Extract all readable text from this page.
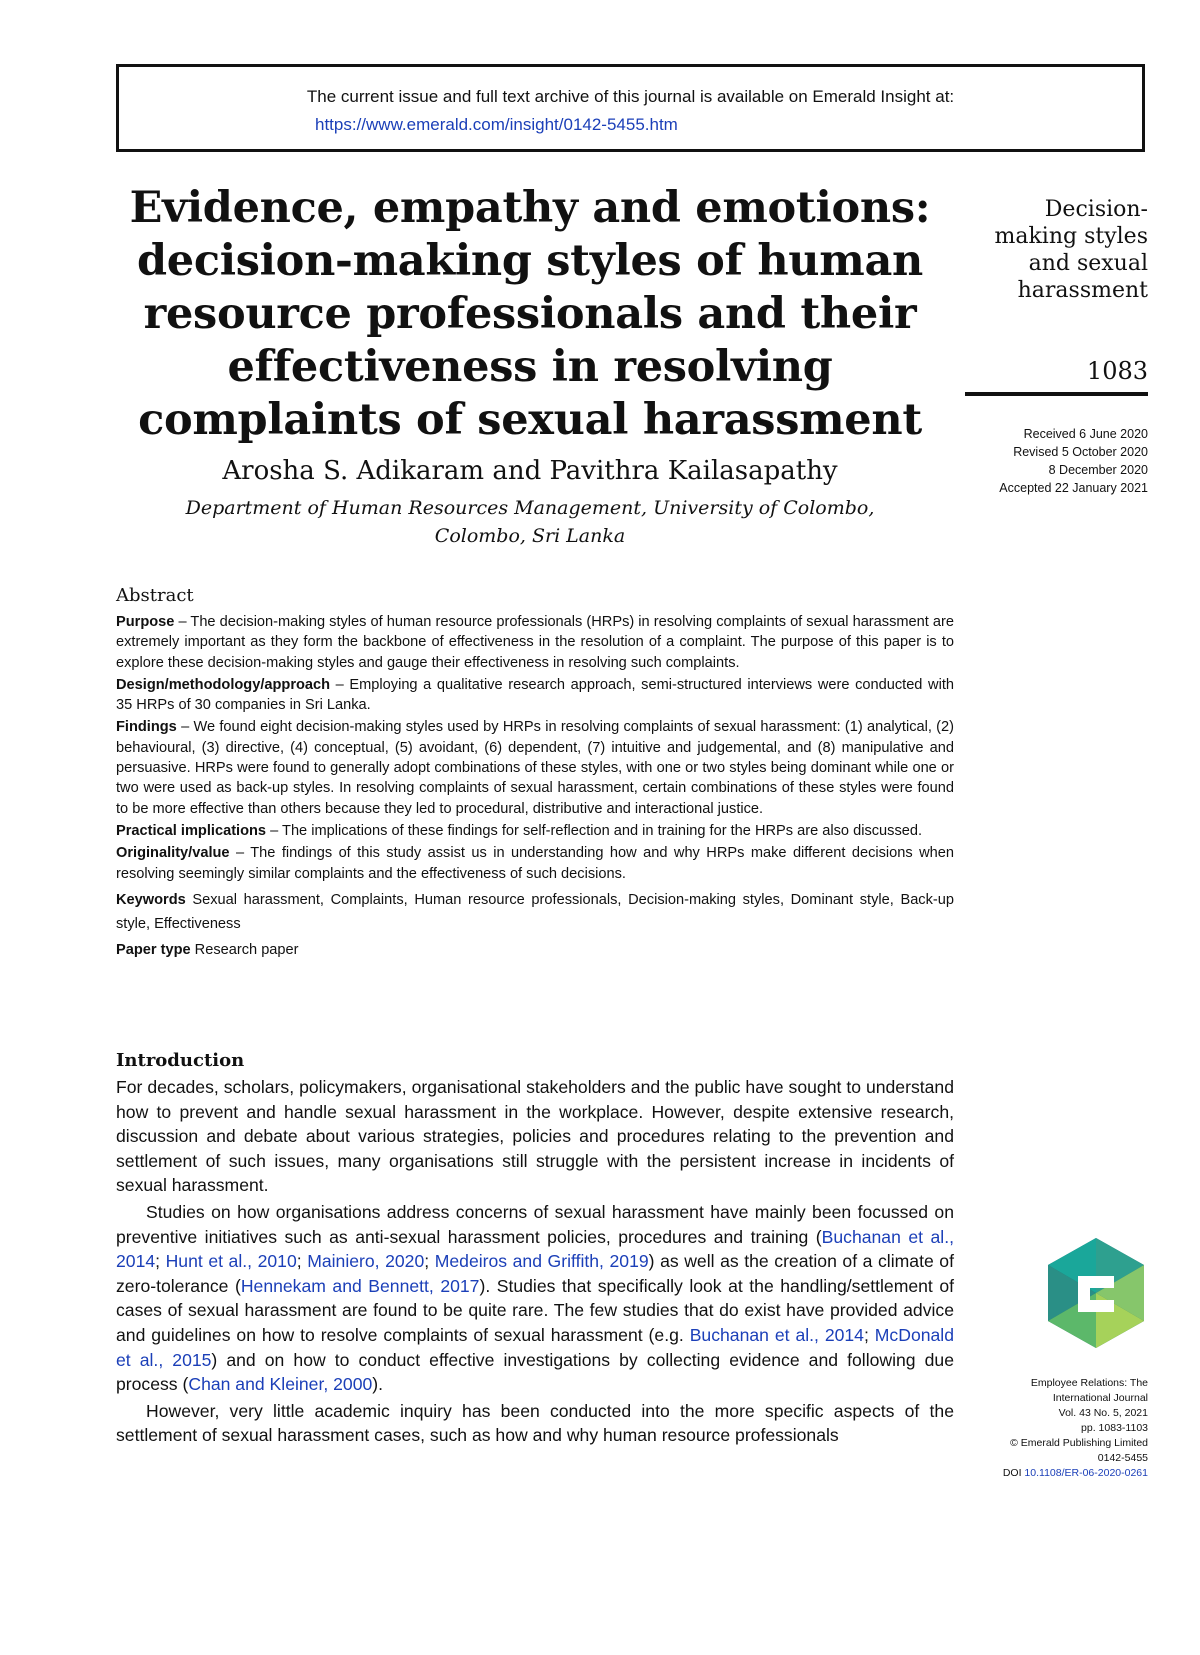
The current issue and full text archive of this journal is available on Emerald Insight at:
https://www.emerald.com/insight/0142-5455.htm
Evidence, empathy and emotions:
decision-making styles of human
resource professionals and their
effectiveness in resolving
complaints of sexual harassment
Arosha S. Adikaram and Pavithra Kailasapathy
Department of Human Resources Management, University of Colombo,
Colombo, Sri Lanka
Decision-
making styles
and sexual
harassment
1083
Received 6 June 2020
Revised 5 October 2020
8 December 2020
Accepted 22 January 2021
Abstract

Purpose – The decision-making styles of human resource professionals (HRPs) in resolving complaints of sexual harassment are extremely important as they form the backbone of effectiveness in the resolution of a complaint. The purpose of this paper is to explore these decision-making styles and gauge their effectiveness in resolving such complaints.

Design/methodology/approach – Employing a qualitative research approach, semi-structured interviews were conducted with 35 HRPs of 30 companies in Sri Lanka.

Findings – We found eight decision-making styles used by HRPs in resolving complaints of sexual harassment: (1) analytical, (2) behavioural, (3) directive, (4) conceptual, (5) avoidant, (6) dependent, (7) intuitive and judgemental, and (8) manipulative and persuasive. HRPs were found to generally adopt combinations of these styles, with one or two styles being dominant while one or two were used as back-up styles. In resolving complaints of sexual harassment, certain combinations of these styles were found to be more effective than others because they led to procedural, distributive and interactional justice.

Practical implications – The implications of these findings for self-reflection and in training for the HRPs are also discussed.

Originality/value – The findings of this study assist us in understanding how and why HRPs make different decisions when resolving seemingly similar complaints and the effectiveness of such decisions.

Keywords Sexual harassment, Complaints, Human resource professionals, Decision-making styles, Dominant style, Back-up style, Effectiveness

Paper type Research paper

Introduction

For decades, scholars, policymakers, organisational stakeholders and the public have sought to understand how to prevent and handle sexual harassment in the workplace. However, despite extensive research, discussion and debate about various strategies, policies and procedures relating to the prevention and settlement of such issues, many organisations still struggle with the persistent increase in incidents of sexual harassment.

Studies on how organisations address concerns of sexual harassment have mainly been focussed on preventive initiatives such as anti-sexual harassment policies, procedures and training (Buchanan et al., 2014; Hunt et al., 2010; Mainiero, 2020; Medeiros and Griffith, 2019) as well as the creation of a climate of zero-tolerance (Hennekam and Bennett, 2017). Studies that specifically look at the handling/settlement of cases of sexual harassment are found to be quite rare. The few studies that do exist have provided advice and guidelines on how to resolve complaints of sexual harassment (e.g. Buchanan et al., 2014; McDonald et al., 2015) and on how to conduct effective investigations by collecting evidence and following due process (Chan and Kleiner, 2000).

However, very little academic inquiry has been conducted into the more specific aspects of the settlement of sexual harassment cases, such as how and why human resource professionals

Employee Relations: The
International Journal
Vol. 43 No. 5, 2021
pp. 1083-1103
© Emerald Publishing Limited
0142-5455
DOI 10.1108/ER-06-2020-0261
